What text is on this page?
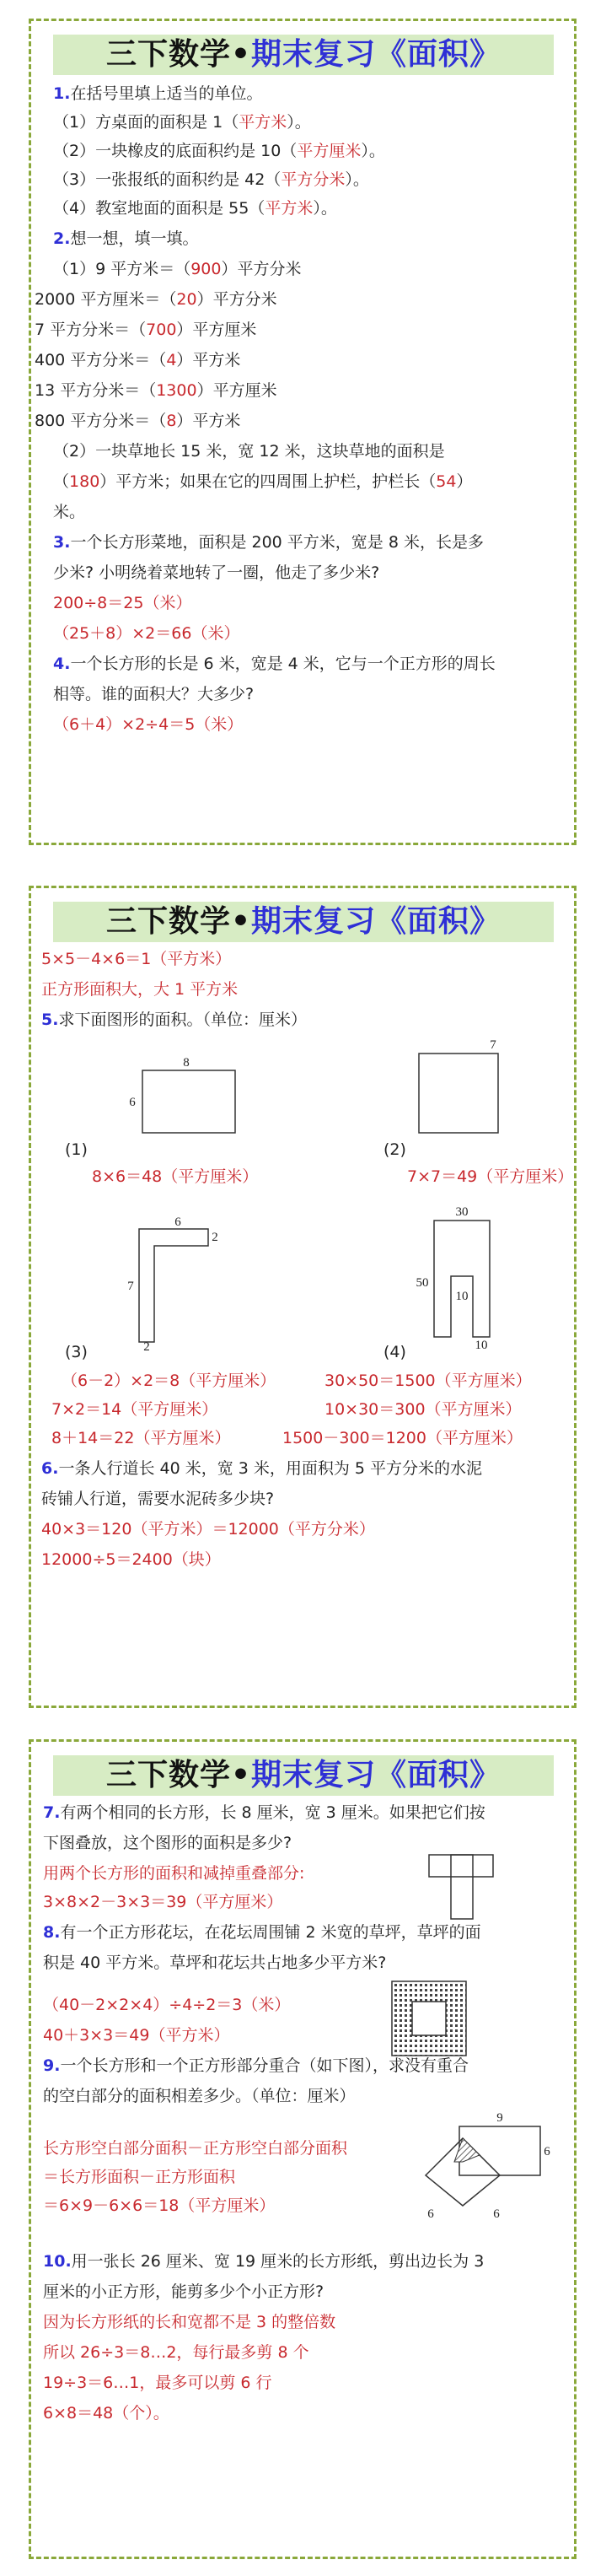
三下数学•期末复习《面积》
1.在括号里填上适当的单位。
（1）方桌面的面积是 1（平方米）。
（2）一块橡皮的底面积约是 10（平方厘米）。
（3）一张报纸的面积约是 42（平方分米）。
（4）教室地面的面积是 55（平方米）。
2.想一想，填一填。
（1）9 平方米＝（900）平方分米
2000 平方厘米＝（20）平方分米
7 平方分米＝（700）平方厘米
400 平方分米＝（4）平方米
13 平方分米＝（1300）平方厘米
800 平方分米＝（8）平方米
（2）一块草地长 15 米，宽 12 米，这块草地的面积是
（180）平方米；如果在它的四周围上护栏，护栏长（54）
米。
3.一个长方形菜地，面积是 200 平方米，宽是 8 米，长是多
少米? 小明绕着菜地转了一圈，他走了多少米?
200÷8＝25（米）
（25＋8）×2＝66（米）
4.一个长方形的长是 6 米，宽是 4 米，它与一个正方形的周长
相等。谁的面积大？大多少?
（6＋4）×2÷4＝5（米）
三下数学•期末复习《面积》
5×5－4×6＝1（平方米）
正方形面积大，大 1 平方米
5.求下面图形的面积。（单位：厘米）
8
6
(1)
8×6＝48（平方厘米）
7
(2)
7×7＝49（平方厘米）
6
2
7
2
(3)
（6－2）×2＝8（平方厘米）
7×2＝14（平方厘米）
8＋14＝22（平方厘米）
30
50
10
10
(4)
30×50＝1500（平方厘米）
10×30＝300（平方厘米）
1500－300＝1200（平方厘米）
6.一条人行道长 40 米，宽 3 米，用面积为 5 平方分米的水泥
砖铺人行道，需要水泥砖多少块?
40×3＝120（平方米）＝12000（平方分米）
12000÷5＝2400（块）
三下数学•期末复习《面积》
7.有两个相同的长方形，长 8 厘米，宽 3 厘米。如果把它们按
下图叠放，这个图形的面积是多少?
用两个长方形的面积和减掉重叠部分:
3×8×2－3×3＝39（平方厘米）
8.有一个正方形花坛，在花坛周围铺 2 米宽的草坪，草坪的面
积是 40 平方米。草坪和花坛共占地多少平方米?
（40－2×2×4）÷4÷2＝3（米）
40＋3×3＝49（平方米）
9.一个长方形和一个正方形部分重合（如下图），求没有重合
的空白部分的面积相差多少。（单位：厘米）
长方形空白部分面积－正方形空白部分面积
＝长方形面积－正方形面积
＝6×9－6×6＝18（平方厘米）
9
6
6	6
10.用一张长 26 厘米、宽 19 厘米的长方形纸，剪出边长为 3
厘米的小正方形，能剪多少个小正方形?
因为长方形纸的长和宽都不是 3 的整倍数
所以 26÷3＝8…2，每行最多剪 8 个
19÷3＝6…1，最多可以剪 6 行
6×8＝48（个）。
